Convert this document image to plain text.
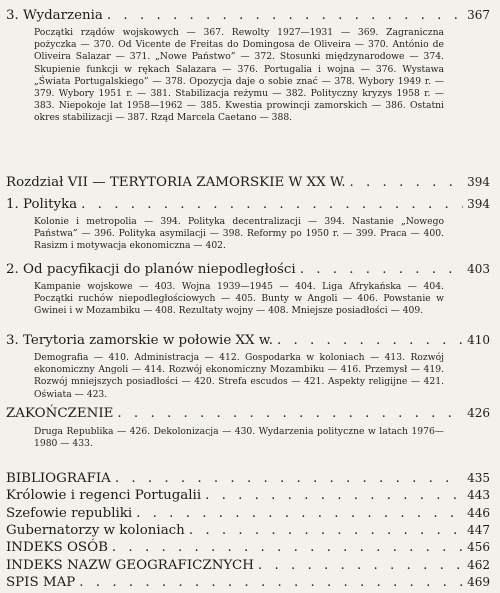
3. Wydarzenia . . .	367
Początki rządów wojskowych — 367. Rewolty 1927—1931 — 369. Zagraniczna pożyczka — 370. Od Vicente de Freitas do Domingosa de Oliveira — 370. António de Oliveira Salazar — 371. „Nowe Państwo” — 372. Stosunki międzynarodowe — 374. Skupienie funkcji w rękach Salazara — 376. Portugalia i wojna — 376. Wystawa „Świata Portugalskiego” — 378. Opozycja daje o sobie znać — 378. Wybory 1949 r. — 379. Wybory 1951 r. — 381. Stabilizacja reżymu — 382. Polityczny kryzys 1958 r. — 383. Niepokoje lat 1958—1962 — 385. Kwestia prowincji zamorskich — 386. Ostatni okres stabilizacji — 387. Rząd Marcela Caetano — 388.
Rozdział VII — TERYTORIA ZAMORSKIE W XX W. . . .	394
1. Polityka . . .	394
Kolonie i metropolia — 394. Polityka decentralizacji — 394. Nastanie „Nowego Państwa” — 396. Polityka asymilacji — 398. Reformy po 1950 r. — 399. Praca — 400. Rasizm i motywacja ekonomiczna — 402.
2. Od pacyfikacji do planów niepodległości . . .	403
Kampanie wojskowe — 403. Wojna 1939—1945 — 404. Liga Afrykańska — 404. Początki ruchów niepodległościowych — 405. Bunty w Angoli — 406. Powstanie w Gwinei i w Mozambiku — 408. Rezultaty wojny — 408. Mniejsze posiadłości — 409.
3. Terytoria zamorskie w połowie XX w. . . .	410
Demografia — 410. Administracja — 412. Gospodarka w koloniach — 413. Rozwój ekonomiczny Angoli — 414. Rozwój ekonomiczny Mozambiku — 416. Przemysł — 419. Rozwój mniejszych posiadłości — 420. Strefa escudos — 421. Aspekty religijne — 421. Oświata — 423.
ZAKOŃCZENIE . . .	426
Druga Republika — 426. Dekolonizacja — 430. Wydarzenia polityczne w latach 1976—1980 — 433.
BIBLIOGRAFIA . . .	435
Królowie i regenci Portugalii . . .	443
Szefowie republiki . . .	446
Gubernatorzy w koloniach . . .	447
INDEKS OSÓB . . .	456
INDEKS NAZW GEOGRAFICZNYCH . . .	462
SPIS MAP . . .	469
